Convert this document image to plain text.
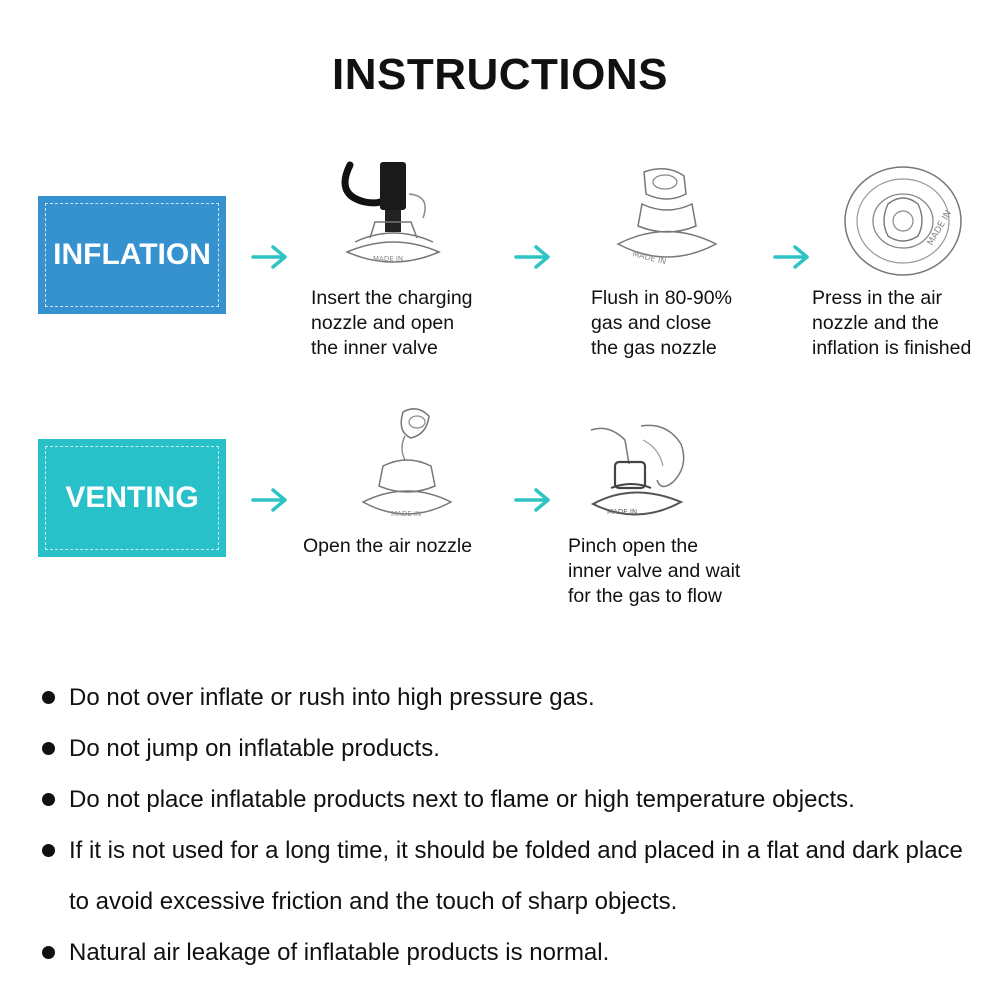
INSTRUCTIONS
INFLATION	MADE IN
Insert the charging
nozzle and open
the inner valve
MADE IN
Flush in 80-90%
gas and close
the gas nozzle
MADE IN
Press in the air
nozzle and the
inflation is finished
VENTING	MADE IN
Open the air nozzle
MADE IN
Pinch open the
inner valve and wait
for the gas to flow
Do not over inflate or rush into high pressure gas.
Do not jump on inflatable products.
Do not place inflatable products next to flame or high temperature objects.
If it is not used for a long time, it should be folded and placed in a flat and dark place to avoid excessive friction and the touch of sharp objects.
Natural air leakage of inflatable products is normal.
